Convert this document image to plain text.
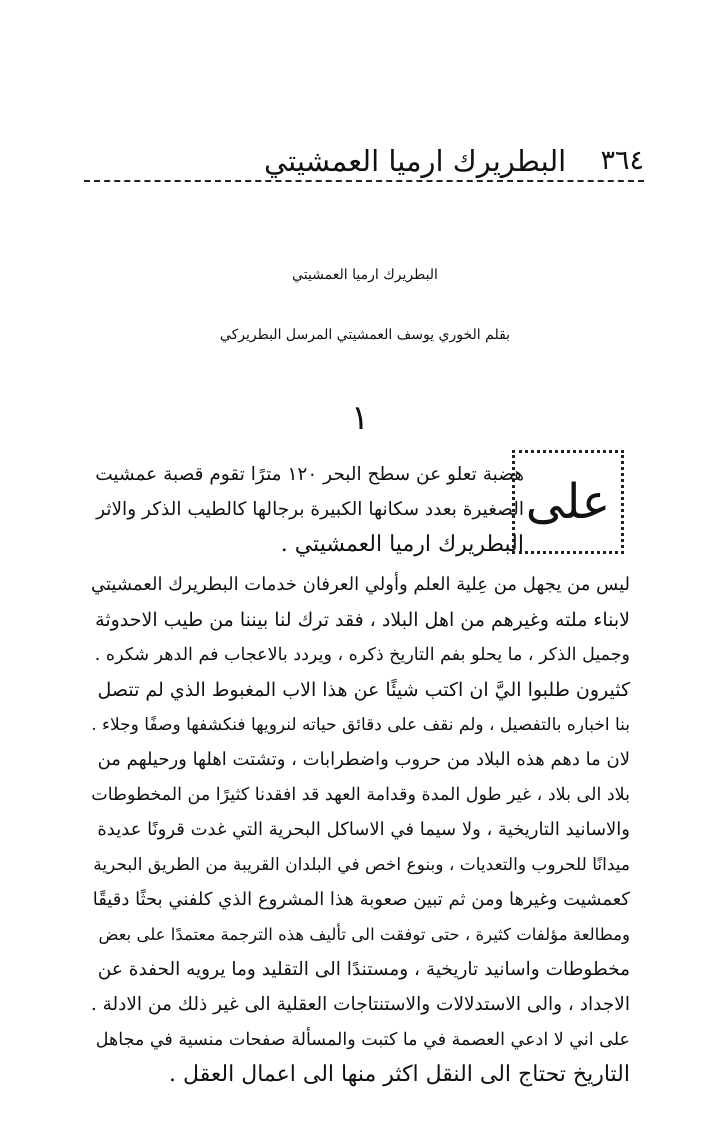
٣٦٤
البطريرك ارميا العمشيتي
البطريرك ارميا العمشيتي
بقلم الخوري يوسف العمشيتي المرسل البطريركي
١
على
هضبة تعلو عن سطح البحر ١٢٠ مترًا تقوم قصبة عمشيت
الصغيرة بعدد سكانها الكبيرة برجالها كالطيب الذكر والاثر
البطريرك ارميا العمشيتي .
ليس من يجهل من عِلية العلم وأولي العرفان خدمات البطريرك العمشيتي
لابناء ملته وغيرهم من اهل البلاد ، فقد ترك لنا بيننا من طيب الاحدوثة
وجميل الذكر ، ما يحلو بفم التاريخ ذكره ، ويردد بالاعجاب فم الدهر شكره .
كثيرون طلبوا اليَّ ان اكتب شيئًا عن هذا الاب المغبوط الذي لم تتصل
بنا اخباره بالتفصيل ، ولم نقف على دقائق حياته لنرويها فنكشفها وصفًا وجلاء .
لان ما دهم هذه البلاد من حروب واضطرابات ، وتشتت اهلها ورحيلهم من
بلاد الى بلاد ، غير طول المدة وقدامة العهد قد افقدنا كثيرًا من المخطوطات
والاسانيد التاريخية ، ولا سيما في الاساكل البحرية التي غدت قرونًا عديدة
ميدانًا للحروب والتعديات ، وبنوع اخص في البلدان القريبة من الطريق البحرية
كعمشيت وغيرها ومن ثم تبين صعوبة هذا المشروع الذي كلفني بحثًا دقيقًا
ومطالعة مؤلفات كثيرة ، حتى توفقت الى تأليف هذه الترجمة معتمدًا على بعض
مخطوطات واسانيد تاريخية ، ومستندًا الى التقليد وما يرويه الحفدة عن
الاجداد ، والى الاستدلالات والاستنتاجات العقلية الى غير ذلك من الادلة .
على اني لا ادعي العصمة في ما كتبت والمسألة صفحات منسية في مجاهل
التاريخ تحتاج الى النقل اكثر منها الى اعمال العقل .
